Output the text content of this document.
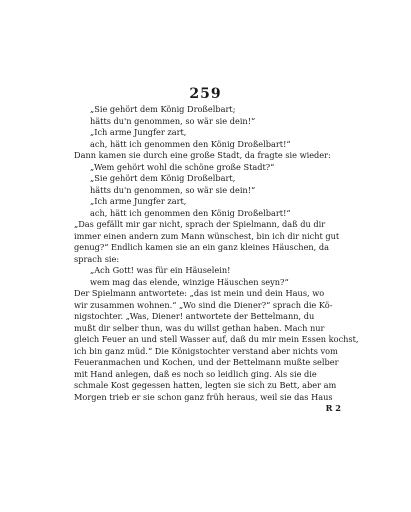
259
„Sie gehört dem König Droßelbart;
hätts du'n genommen, so wär sie dein!“
„Ich arme Jungfer zart,
ach, hätt ich genommen den König Droßelbart!“
Dann kamen sie durch eine große Stadt, da fragte sie wieder:
„Wem gehört wohl die schöne große Stadt?“
„Sie gehört dem König Droßelbart,
hätts du'n genommen, so wär sie dein!“
„Ich arme Jungfer zart,
ach, hätt ich genommen den König Droßelbart!“
„Das gefällt mir gar nicht, sprach der Spielmann, daß du dir
immer einen andern zum Mann wünschest, bin ich dir nicht gut
genug?“ Endlich kamen sie an ein ganz kleines Häuschen, da
sprach sie:
„Ach Gott! was für ein Häuselein!
wem mag das elende, winzige Häuschen seyn?“
Der Spielmann antwortete: „das ist mein und dein Haus, wo
wir zusammen wohnen.“ „Wo sind die Diener?“ sprach die Kö-
nigstochter. „Was, Diener! antwortete der Bettelmann, du
mußt dir selber thun, was du willst gethan haben. Mach nur
gleich Feuer an und stell Wasser auf, daß du mir mein Essen kochst,
ich bin ganz müd.“ Die Königstochter verstand aber nichts vom
Feueranmachen und Kochen, und der Bettelmann mußte selber
mit Hand anlegen, daß es noch so leidlich ging. Als sie die
schmale Kost gegessen hatten, legten sie sich zu Bett, aber am
Morgen trieb er sie schon ganz früh heraus, weil sie das Haus
R 2
